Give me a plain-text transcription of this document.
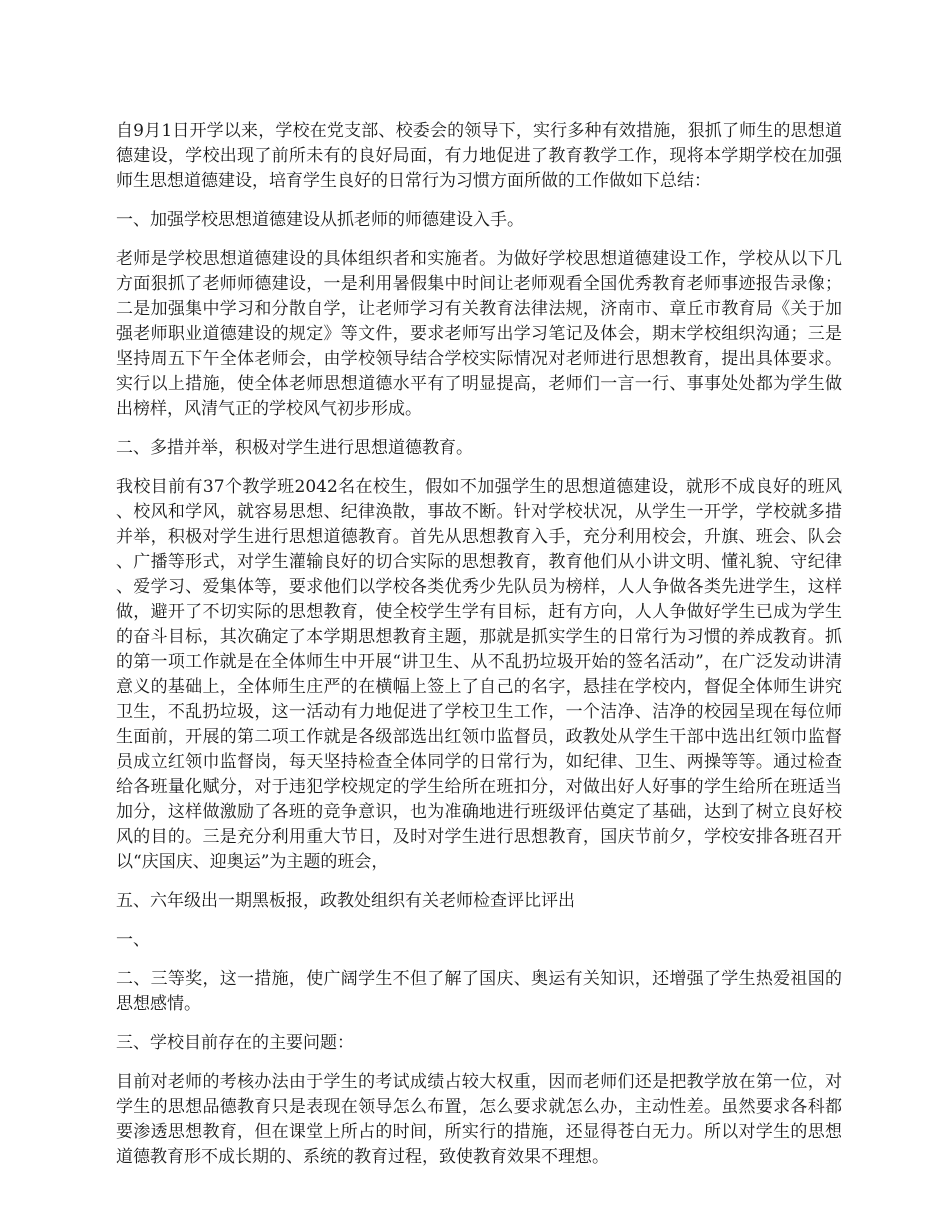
自9月1日开学以来，学校在党支部、校委会的领导下，实行多种有效措施，狠抓了师生的思想道德建设，学校出现了前所未有的良好局面，有力地促进了教育教学工作，现将本学期学校在加强师生思想道德建设，培育学生良好的日常行为习惯方面所做的工作做如下总结：

一、加强学校思想道德建设从抓老师的师德建设入手。

老师是学校思想道德建设的具体组织者和实施者。为做好学校思想道德建设工作，学校从以下几方面狠抓了老师师德建设，一是利用暑假集中时间让老师观看全国优秀教育老师事迹报告录像；二是加强集中学习和分散自学，让老师学习有关教育法律法规，济南市、章丘市教育局《关于加强老师职业道德建设的规定》等文件，要求老师写出学习笔记及体会，期末学校组织沟通；三是坚持周五下午全体老师会，由学校领导结合学校实际情况对老师进行思想教育，提出具体要求。实行以上措施，使全体老师思想道德水平有了明显提高，老师们一言一行、事事处处都为学生做出榜样，风清气正的学校风气初步形成。

二、多措并举，积极对学生进行思想道德教育。

我校目前有37个教学班2042名在校生，假如不加强学生的思想道德建设，就形不成良好的班风、校风和学风，就容易思想、纪律涣散，事故不断。针对学校状况，从学生一开学，学校就多措并举，积极对学生进行思想道德教育。首先从思想教育入手，充分利用校会，升旗、班会、队会、广播等形式，对学生灌输良好的切合实际的思想教育，教育他们从小讲文明、懂礼貌、守纪律、爱学习、爱集体等，要求他们以学校各类优秀少先队员为榜样，人人争做各类先进学生，这样做，避开了不切实际的思想教育，使全校学生学有目标，赶有方向，人人争做好学生已成为学生的奋斗目标，其次确定了本学期思想教育主题，那就是抓实学生的日常行为习惯的养成教育。抓的第一项工作就是在全体师生中开展“讲卫生、从不乱扔垃圾开始的签名活动”，在广泛发动讲清意义的基础上，全体师生庄严的在横幅上签上了自己的名字，悬挂在学校内，督促全体师生讲究卫生，不乱扔垃圾，这一活动有力地促进了学校卫生工作，一个洁净、洁净的校园呈现在每位师生面前，开展的第二项工作就是各级部选出红领巾监督员，政教处从学生干部中选出红领巾监督员成立红领巾监督岗，每天坚持检查全体同学的日常行为，如纪律、卫生、两操等等。通过检查给各班量化赋分，对于违犯学校规定的学生给所在班扣分，对做出好人好事的学生给所在班适当加分，这样做激励了各班的竞争意识，也为准确地进行班级评估奠定了基础，达到了树立良好校风的目的。三是充分利用重大节日，及时对学生进行思想教育，国庆节前夕，学校安排各班召开以“庆国庆、迎奥运”为主题的班会，

五、六年级出一期黑板报，政教处组织有关老师检查评比评出

一、

二、三等奖，这一措施，使广阔学生不但了解了国庆、奥运有关知识，还增强了学生热爱祖国的思想感情。

三、学校目前存在的主要问题：

目前对老师的考核办法由于学生的考试成绩占较大权重，因而老师们还是把教学放在第一位，对学生的思想品德教育只是表现在领导怎么布置，怎么要求就怎么办，主动性差。虽然要求各科都要渗透思想教育，但在课堂上所占的时间，所实行的措施，还显得苍白无力。所以对学生的思想道德教育形不成长期的、系统的教育过程，致使教育效果不理想。
